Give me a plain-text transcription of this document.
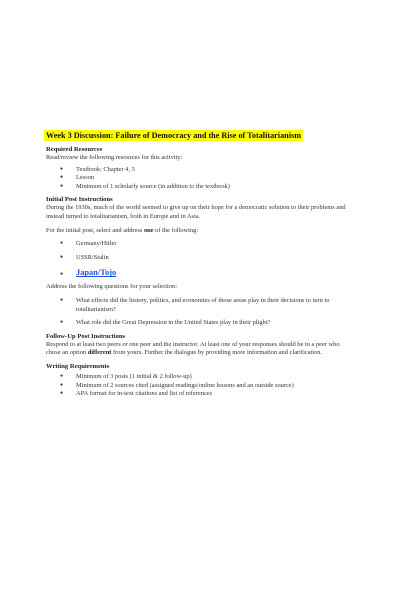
Week 3 Discussion: Failure of Democracy and the Rise of Totalitarianism
Required Resources

Read/review the following resources for this activity:

● Textbook: Chapter 4, 5
● Lesson
● Minimum of 1 scholarly source (in addition to the textbook)
Initial Post Instructions

During the 1930s, much of the world seemed to give up on their hope for a democratic solution to their problems and instead turned to totalitarianism, both in Europe and in Asia.

For the initial post, select and address one of the following:

● Germany/Hitler
● USSR/Stalin
● Japan/Tojo

Address the following questions for your selection:

● What effects did the history, politics, and economies of those areas play in their decisions to turn to totalitarianism?
● What role did the Great Depression in the United States play in their plight?
Follow-Up Post Instructions

Respond to at least two peers or one peer and the instructor. At least one of your responses should be to a peer who chose an option different from yours. Further the dialogue by providing more information and clarification.

Writing Requirements
● Minimum of 3 posts (1 initial & 2 follow-up)
● Minimum of 2 sources cited (assigned readings/online lessons and an outside source)
● APA format for in-text citations and list of references
